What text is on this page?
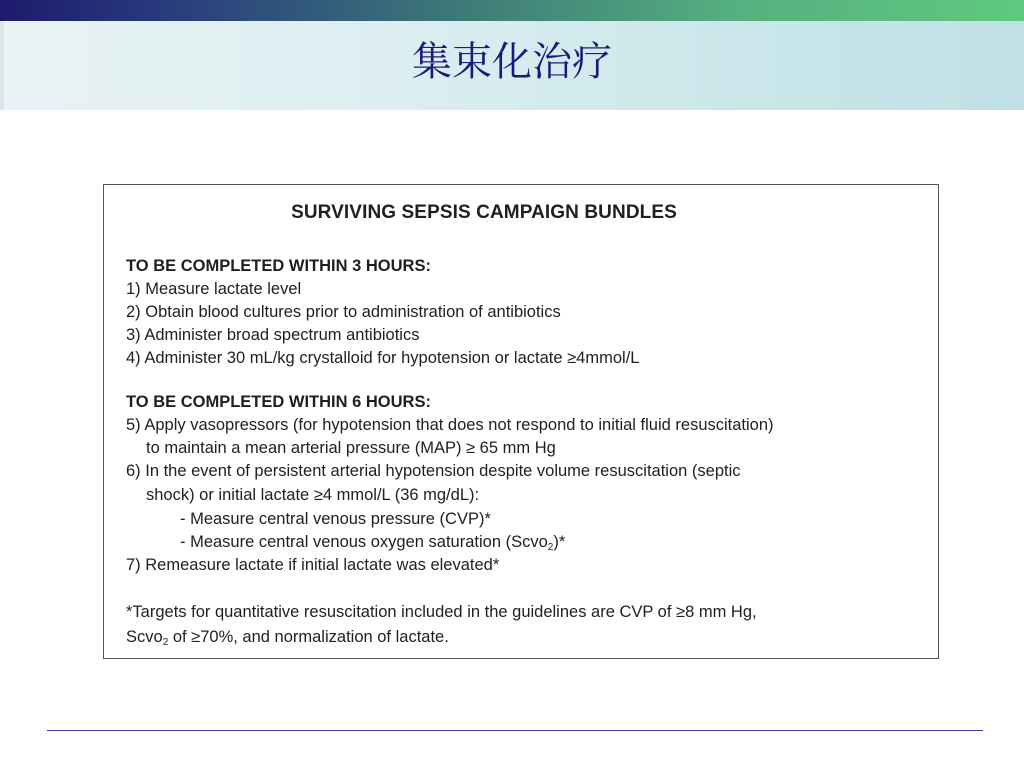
集束化治疗
SURVIVING SEPSIS CAMPAIGN BUNDLES
TO BE COMPLETED WITHIN 3 HOURS:
1) Measure lactate level
2) Obtain blood cultures prior to administration of antibiotics
3) Administer broad spectrum antibiotics
4) Administer 30 mL/kg crystalloid for hypotension or lactate ≥4mmol/L
TO BE COMPLETED WITHIN 6 HOURS:
5) Apply vasopressors (for hypotension that does not respond to initial fluid resuscitation)
to maintain a mean arterial pressure (MAP) ≥ 65 mm Hg
6) In the event of persistent arterial hypotension despite volume resuscitation (septic
shock) or initial lactate ≥4 mmol/L (36 mg/dL):
- Measure central venous pressure (CVP)*
- Measure central venous oxygen saturation (Scvo$_2$)*
7) Remeasure lactate if initial lactate was elevated*
*Targets for quantitative resuscitation included in the guidelines are CVP of ≥8 mm Hg,
Scvo$_2$ of ≥70%, and normalization of lactate.
